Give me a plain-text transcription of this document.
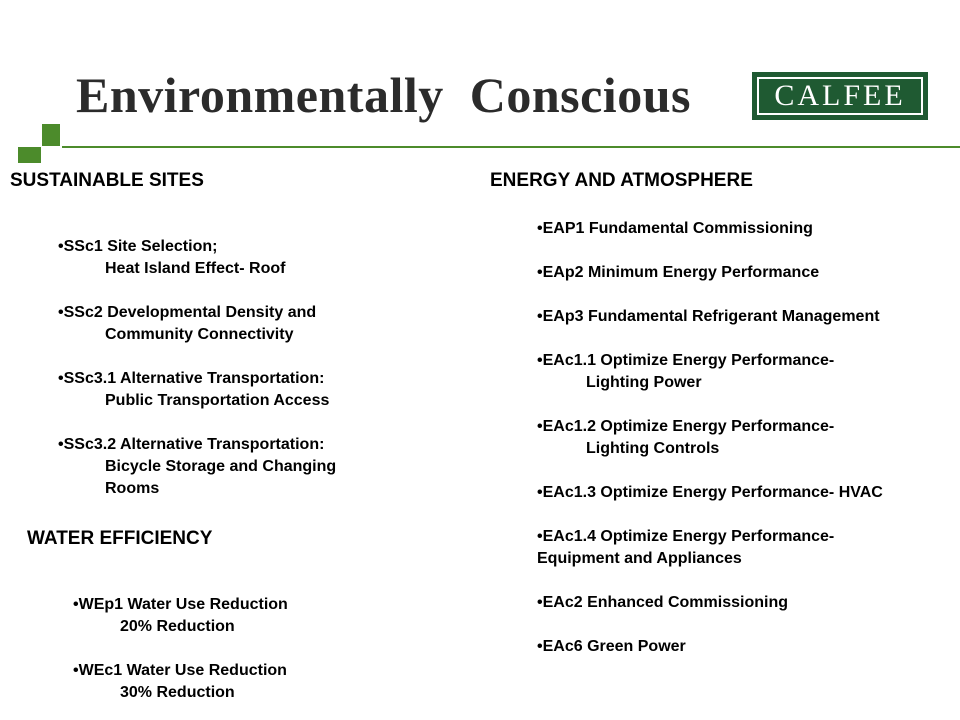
Environmentally  Conscious	CALFEE
SUSTAINABLE SITES
•SSc1 Site Selection;
Heat Island Effect- Roof
•SSc2 Developmental Density and
Community Connectivity
•SSc3.1 Alternative Transportation:
Public Transportation Access
•SSc3.2 Alternative Transportation:
Bicycle Storage and Changing
Rooms
WATER EFFICIENCY
•WEp1 Water Use Reduction
20% Reduction
•WEc1 Water Use Reduction
30% Reduction
ENERGY AND ATMOSPHERE
•EAP1 Fundamental Commissioning
•EAp2 Minimum Energy Performance
•EAp3 Fundamental Refrigerant Management
•EAc1.1 Optimize Energy Performance-
Lighting Power
•EAc1.2 Optimize Energy Performance-
Lighting Controls
•EAc1.3 Optimize Energy Performance- HVAC
•EAc1.4 Optimize Energy Performance-
Equipment and Appliances
•EAc2 Enhanced Commissioning
•EAc6 Green Power
